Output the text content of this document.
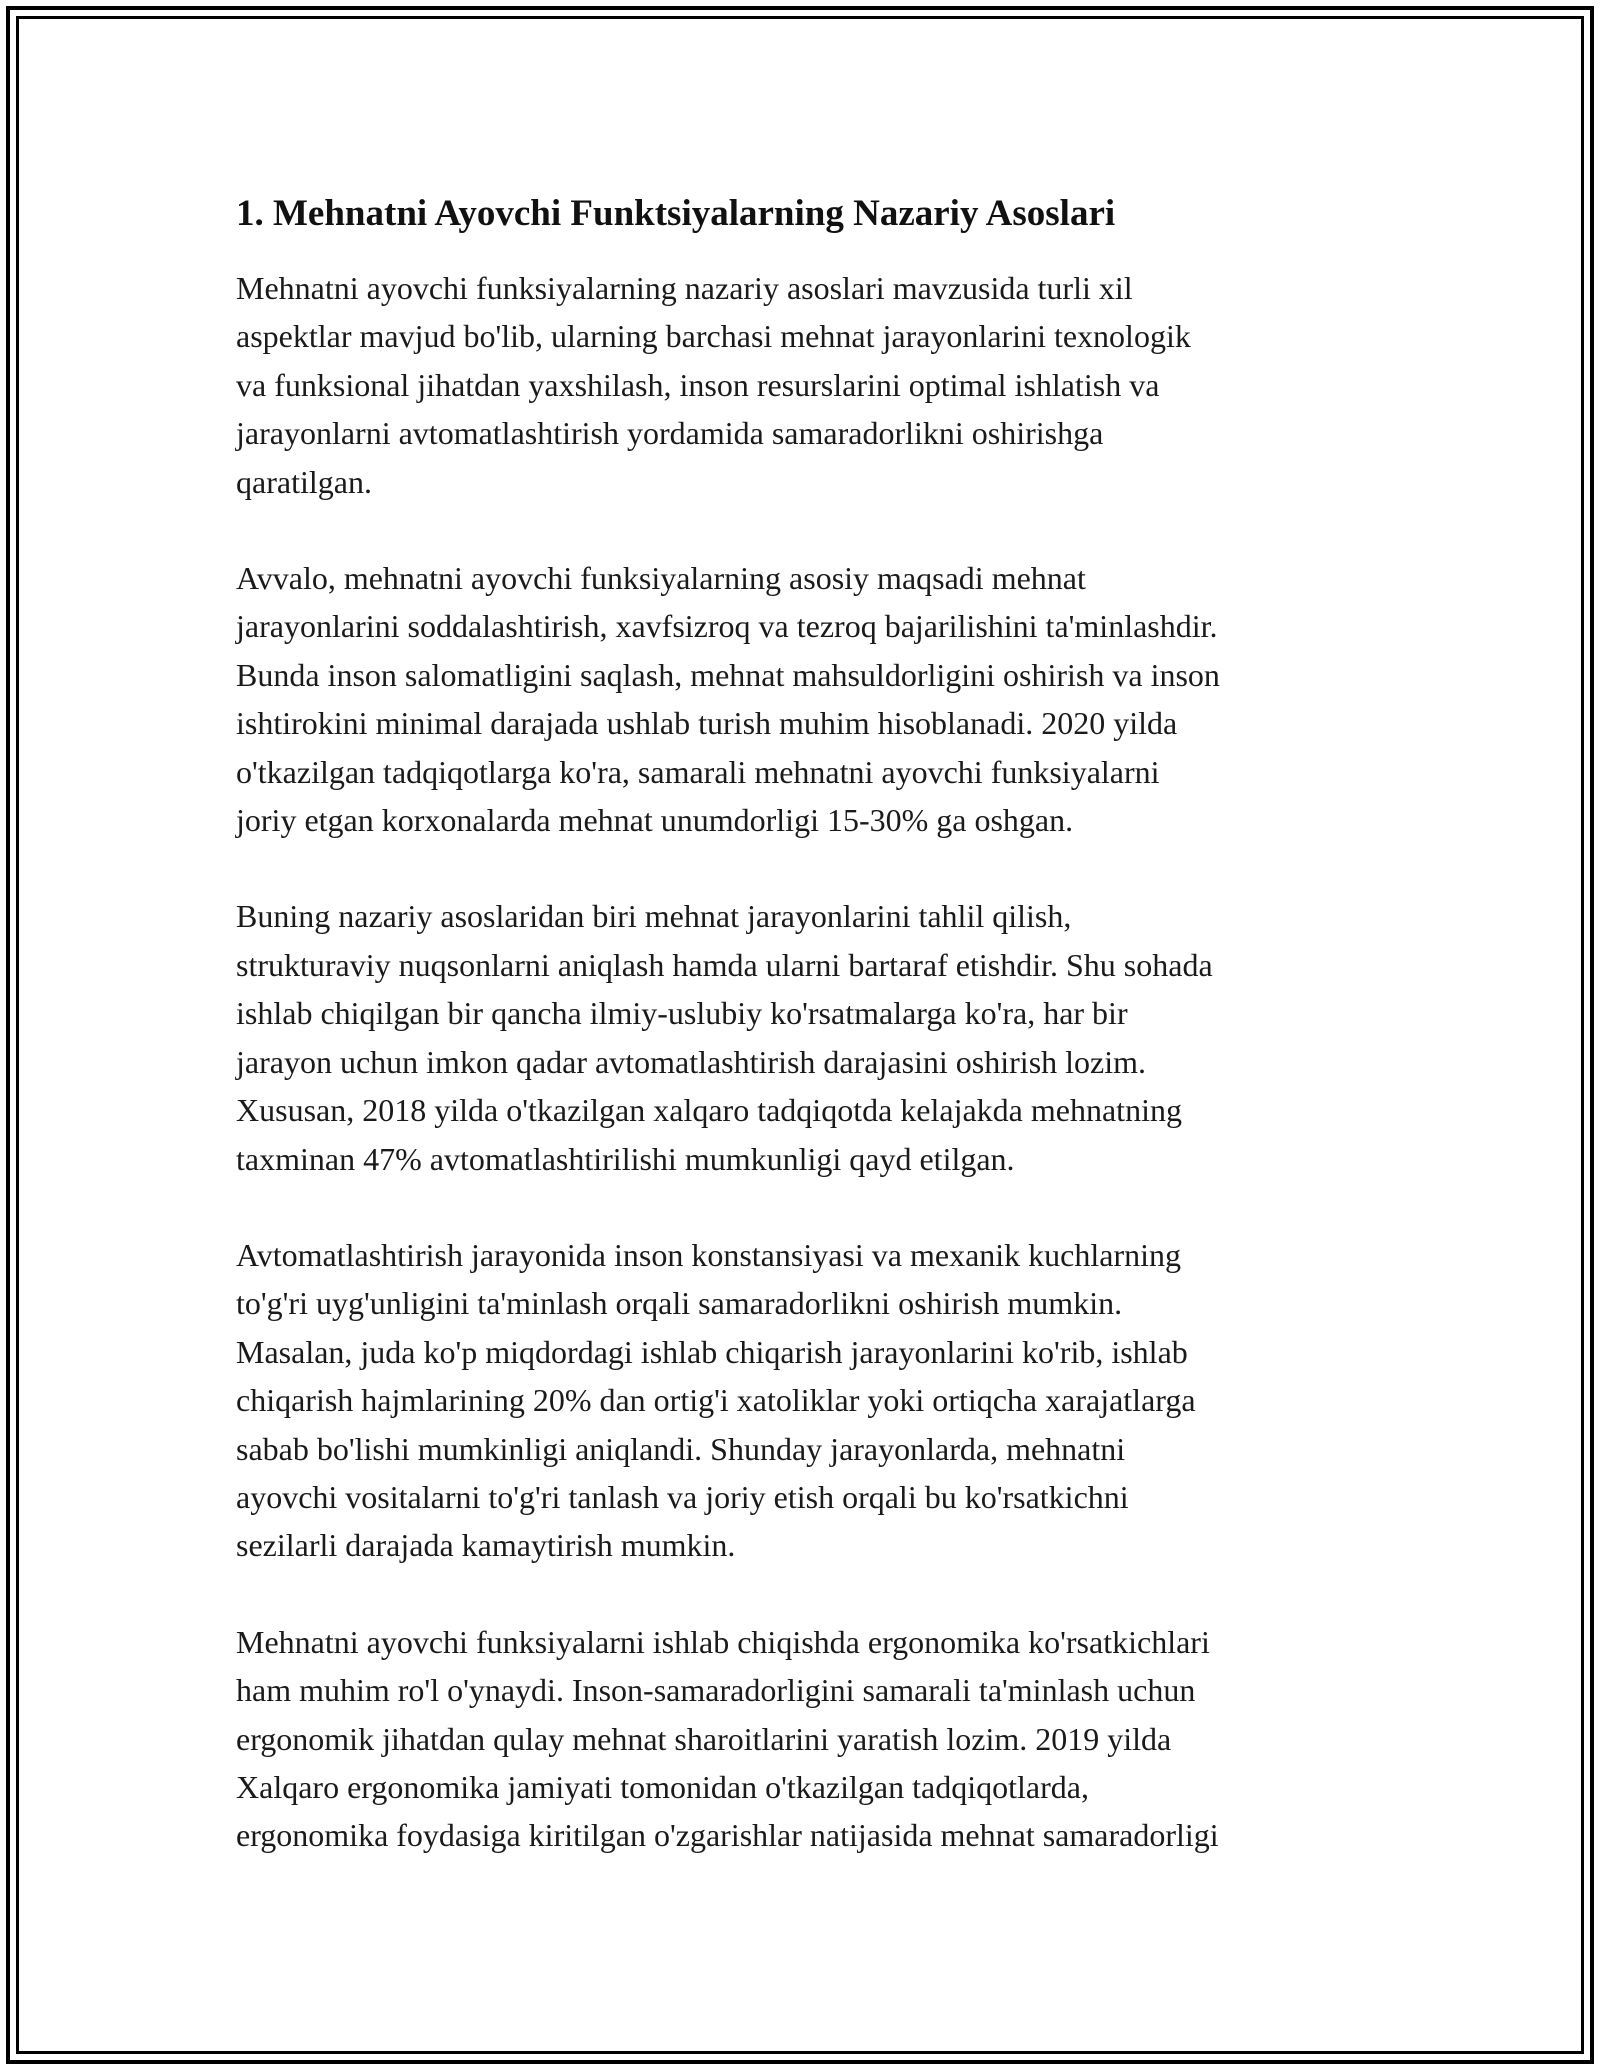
1. Mehnatni Ayovchi Funktsiyalarning Nazariy Asoslari

Mehnatni ayovchi funksiyalarning nazariy asoslari mavzusida turli xil
aspektlar mavjud bo'lib, ularning barchasi mehnat jarayonlarini texnologik
va funksional jihatdan yaxshilash, inson resurslarini optimal ishlatish va
jarayonlarni avtomatlashtirish yordamida samaradorlikni oshirishga
qaratilgan.

Avvalo, mehnatni ayovchi funksiyalarning asosiy maqsadi mehnat
jarayonlarini soddalashtirish, xavfsizroq va tezroq bajarilishini ta'minlashdir.
Bunda inson salomatligini saqlash, mehnat mahsuldorligini oshirish va inson
ishtirokini minimal darajada ushlab turish muhim hisoblanadi. 2020 yilda
o'tkazilgan tadqiqotlarga ko'ra, samarali mehnatni ayovchi funksiyalarni
joriy etgan korxonalarda mehnat unumdorligi 15-30% ga oshgan.

Buning nazariy asoslaridan biri mehnat jarayonlarini tahlil qilish,
strukturaviy nuqsonlarni aniqlash hamda ularni bartaraf etishdir. Shu sohada
ishlab chiqilgan bir qancha ilmiy-uslubiy ko'rsatmalarga ko'ra, har bir
jarayon uchun imkon qadar avtomatlashtirish darajasini oshirish lozim.
Xususan, 2018 yilda o'tkazilgan xalqaro tadqiqotda kelajakda mehnatning
taxminan 47% avtomatlashtirilishi mumkunligi qayd etilgan.

Avtomatlashtirish jarayonida inson konstansiyasi va mexanik kuchlarning
to'g'ri uyg'unligini ta'minlash orqali samaradorlikni oshirish mumkin.
Masalan, juda ko'p miqdordagi ishlab chiqarish jarayonlarini ko'rib, ishlab
chiqarish hajmlarining 20% dan ortig'i xatoliklar yoki ortiqcha xarajatlarga
sabab bo'lishi mumkinligi aniqlandi. Shunday jarayonlarda, mehnatni
ayovchi vositalarni to'g'ri tanlash va joriy etish orqali bu ko'rsatkichni
sezilarli darajada kamaytirish mumkin.

Mehnatni ayovchi funksiyalarni ishlab chiqishda ergonomika ko'rsatkichlari
ham muhim ro'l o'ynaydi. Inson-samaradorligini samarali ta'minlash uchun
ergonomik jihatdan qulay mehnat sharoitlarini yaratish lozim. 2019 yilda
Xalqaro ergonomika jamiyati tomonidan o'tkazilgan tadqiqotlarda,
ergonomika foydasiga kiritilgan o'zgarishlar natijasida mehnat samaradorligi
